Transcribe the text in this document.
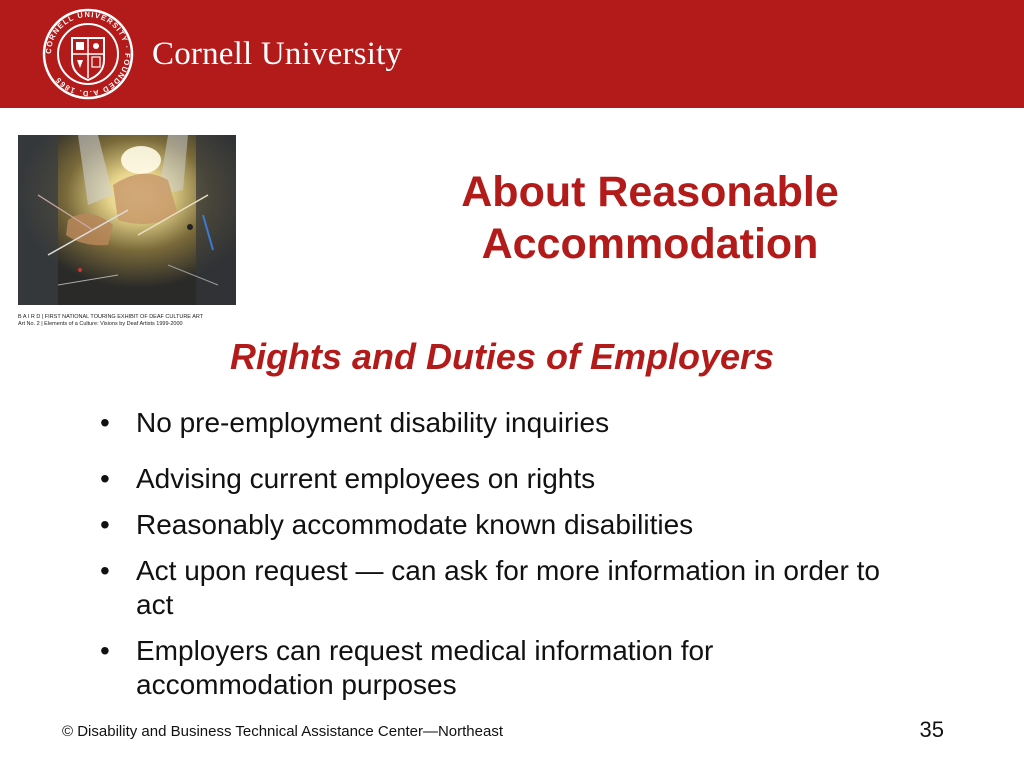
CORNELL UNIVERSITY · FOUNDED A.D. 1865
Cornell University
B A I R D | FIRST NATIONAL TOURING EXHIBIT OF DEAF CULTURE ART
Art No. 2 | Elements of a Culture: Visions by Deaf Artists 1999-2000
About Reasonable
Accommodation
Rights and Duties of Employers
• No pre-employment disability inquiries
• Advising current employees on rights
• Reasonably accommodate known disabilities
• Act upon request — can ask for more information in order to act
• Employers can request medical information for accommodation purposes
© Disability and Business Technical Assistance Center—Northeast	35
